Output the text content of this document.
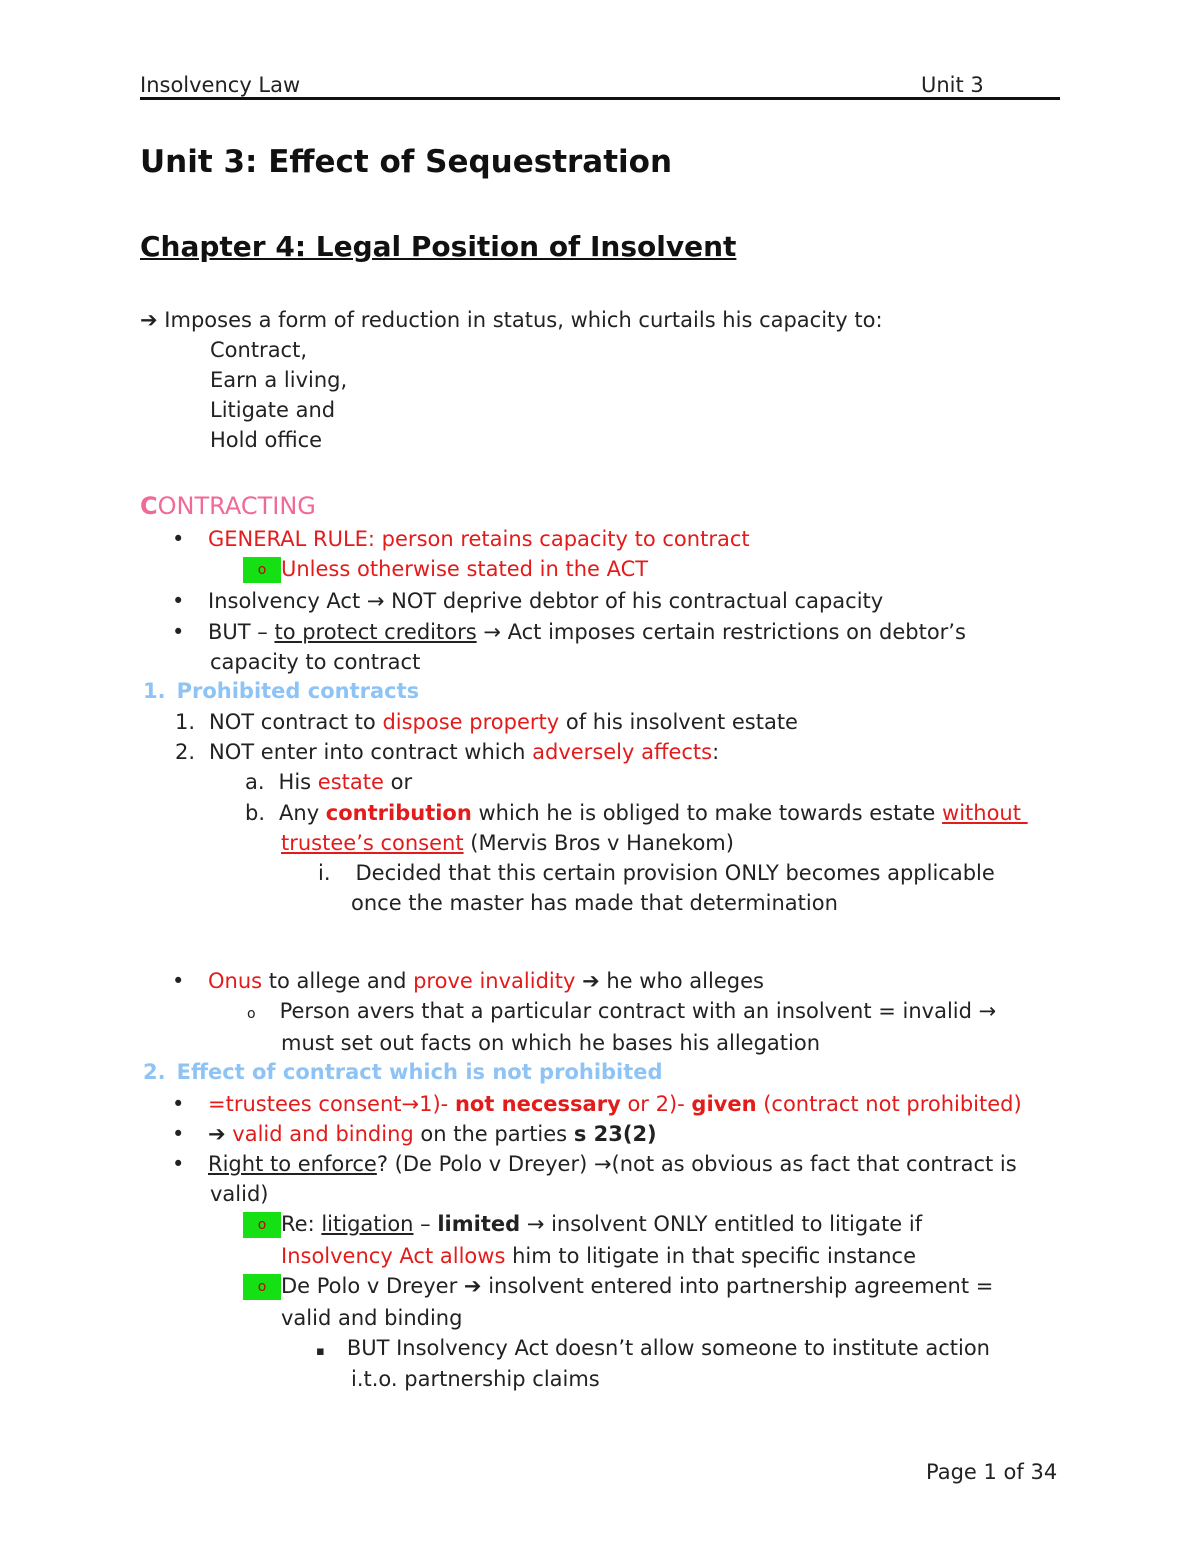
Insolvency Law	Unit 3
Unit 3: Effect of Sequestration
Chapter 4: Legal Position of Insolvent
➔ Imposes a form of reduction in status, which curtails his capacity to:
Contract,
Earn a living,
Litigate and
Hold office
CONTRACTING
• GENERAL RULE: person retains capacity to contract
o Unless otherwise stated in the ACT
• Insolvency Act → NOT deprive debtor of his contractual capacity
• BUT – to protect creditors → Act imposes certain restrictions on debtor’s
capacity to contract
1. Prohibited contracts
1. NOT contract to dispose property of his insolvent estate
2. NOT enter into contract which adversely affects:
a. His estate or
b. Any contribution which he is obliged to make towards estate without
trustee’s consent (Mervis Bros v Hanekom)
i. Decided that this certain provision ONLY becomes applicable
once the master has made that determination
• Onus to allege and prove invalidity ➔ he who alleges
o Person avers that a particular contract with an insolvent = invalid →
must set out facts on which he bases his allegation
2. Effect of contract which is not prohibited
• =trustees consent→1)- not necessary or 2)- given (contract not prohibited)
• ➔ valid and binding on the parties s 23(2)
• Right to enforce? (De Polo v Dreyer) →(not as obvious as fact that contract is
valid)
o Re: litigation – limited → insolvent ONLY entitled to litigate if
Insolvency Act allows him to litigate in that specific instance
o De Polo v Dreyer ➔ insolvent entered into partnership agreement =
valid and binding
▪ BUT Insolvency Act doesn’t allow someone to institute action
i.t.o. partnership claims
Page 1 of 34
